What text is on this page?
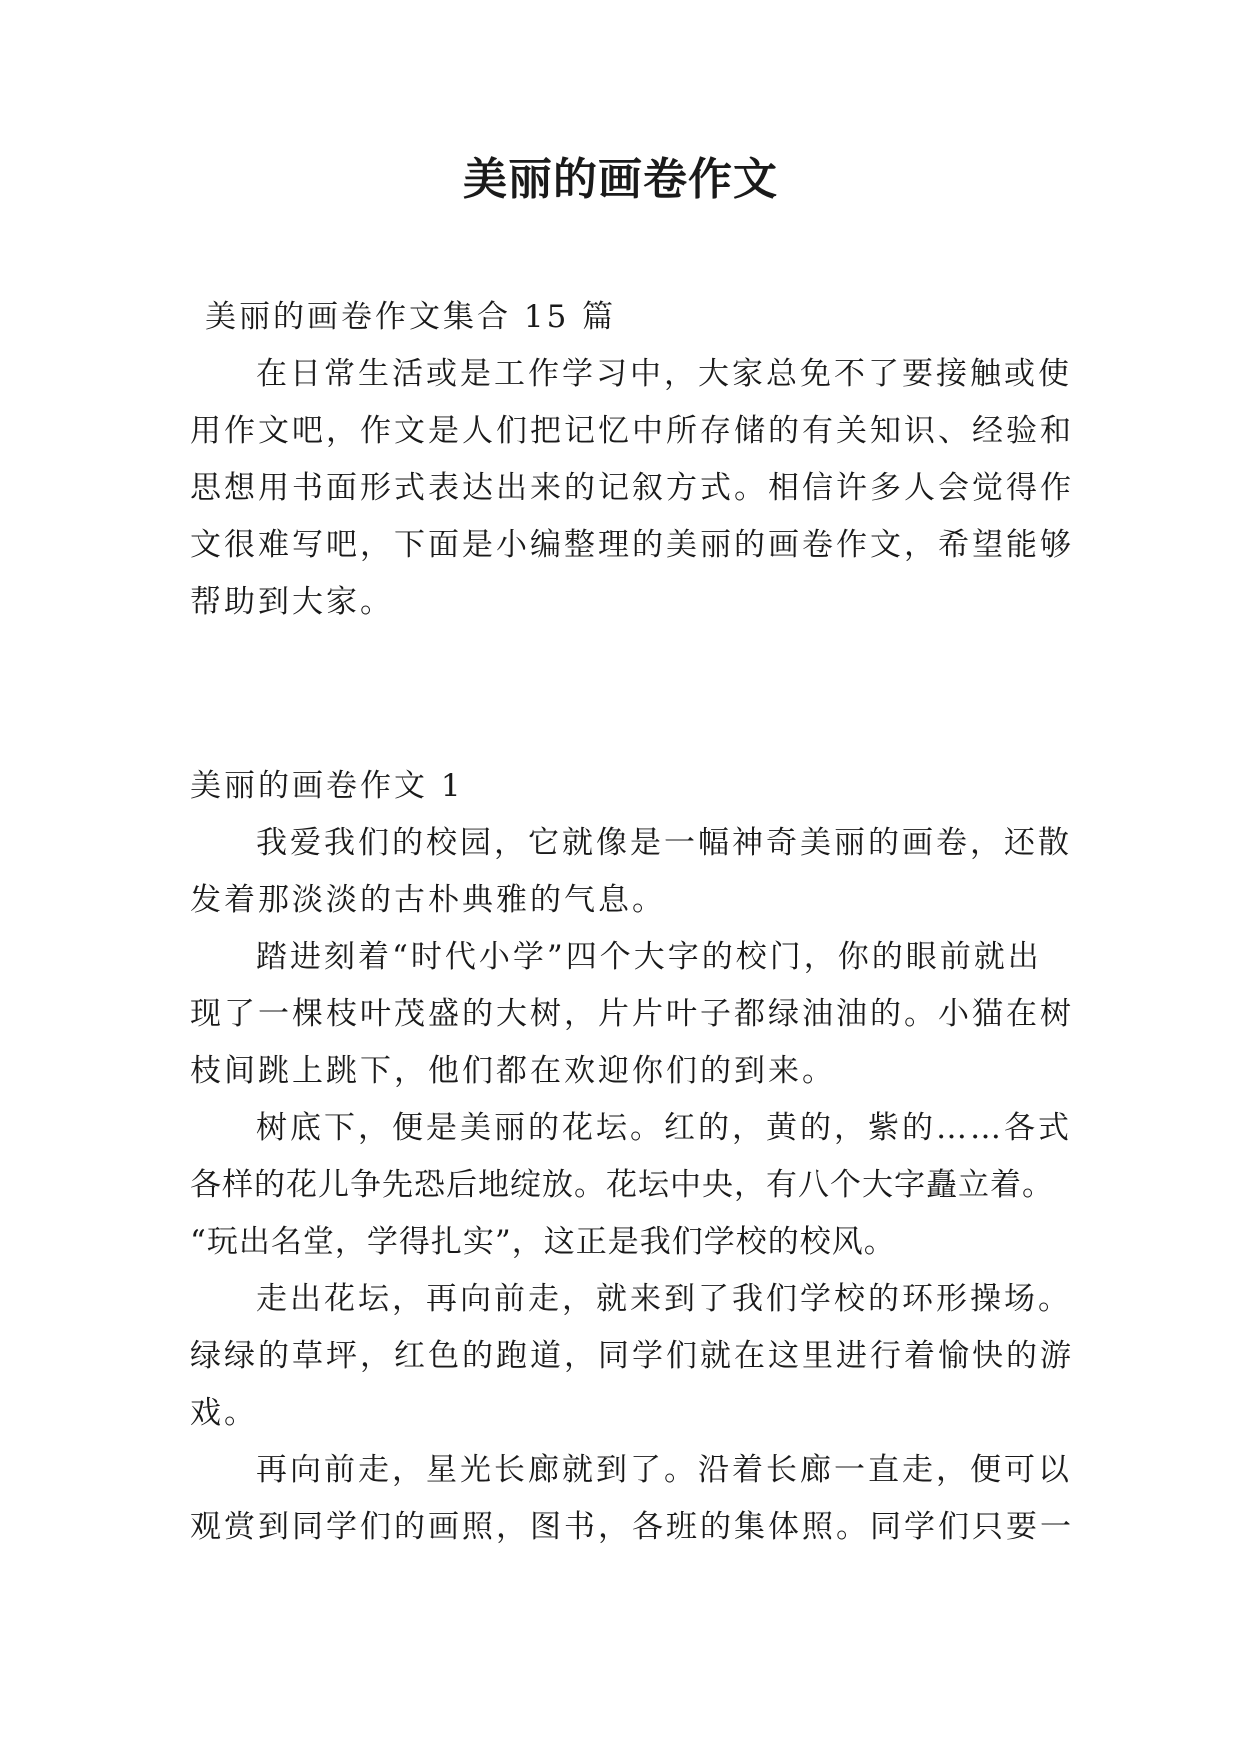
美丽的画卷作文
美丽的画卷作文集合 15 篇
在日常生活或是工作学习中，大家总免不了要接触或使
用作文吧，作文是人们把记忆中所存储的有关知识、经验和
思想用书面形式表达出来的记叙方式。相信许多人会觉得作
文很难写吧，下面是小编整理的美丽的画卷作文，希望能够
帮助到大家。
美丽的画卷作文 1
我爱我们的校园，它就像是一幅神奇美丽的画卷，还散
发着那淡淡的古朴典雅的气息。
踏进刻着“时代小学”四个大字的校门，你的眼前就出
现了一棵枝叶茂盛的大树，片片叶子都绿油油的。小猫在树
枝间跳上跳下，他们都在欢迎你们的到来。
树底下，便是美丽的花坛。红的，黄的，紫的……各式
各样的花儿争先恐后地绽放。花坛中央，有八个大字矗立着。
“玩出名堂，学得扎实”，这正是我们学校的校风。
走出花坛，再向前走，就来到了我们学校的环形操场。
绿绿的草坪，红色的跑道，同学们就在这里进行着愉快的游
戏。
再向前走，星光长廊就到了。沿着长廊一直走，便可以
观赏到同学们的画照，图书，各班的集体照。同学们只要一
